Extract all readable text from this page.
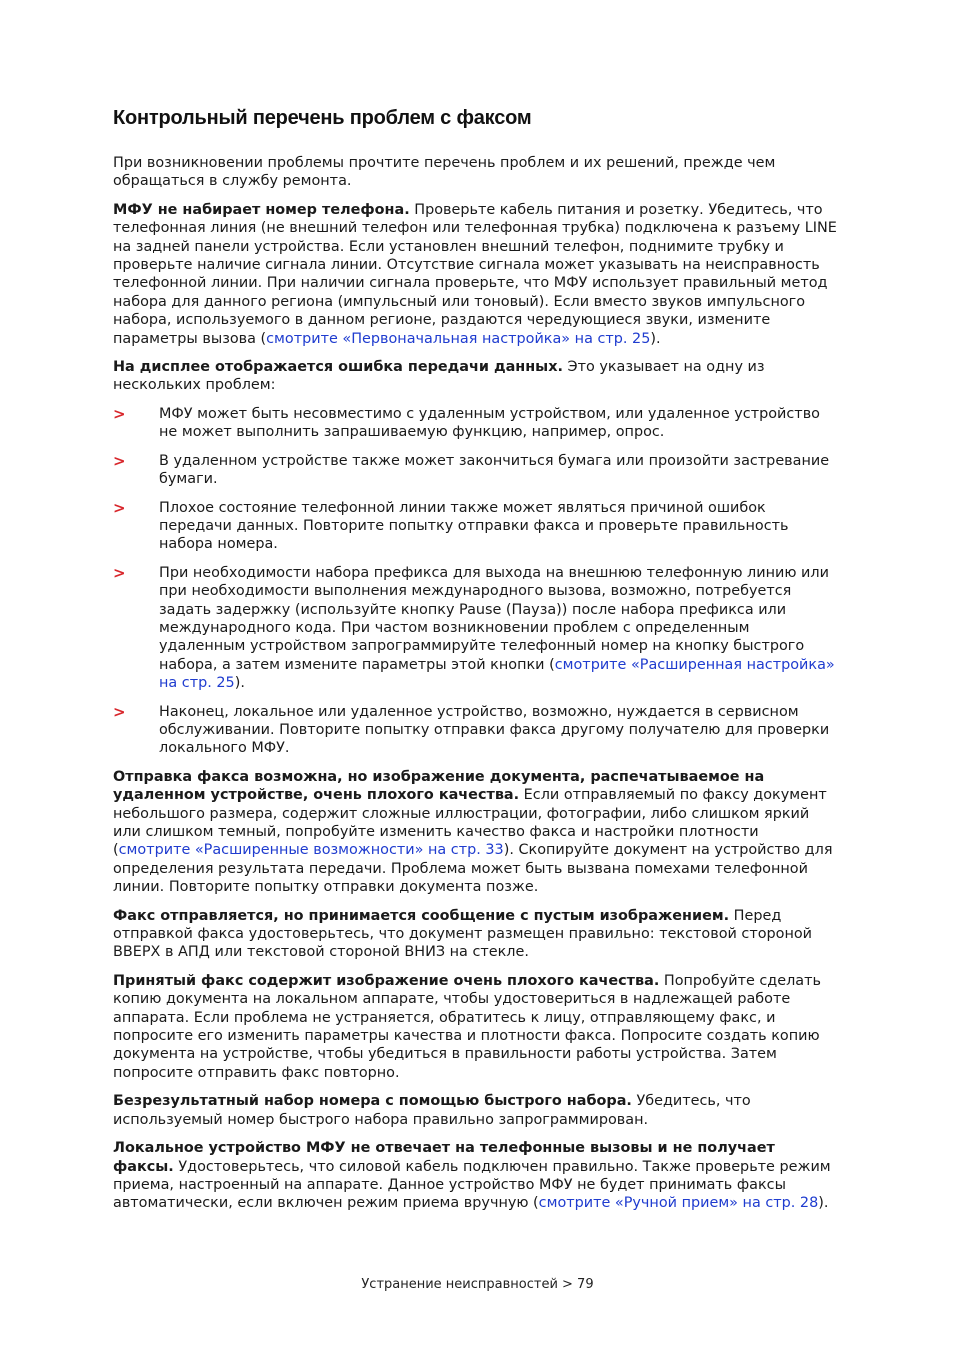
Контрольный перечень проблем с факсом

При возникновении проблемы прочтите перечень проблем и их решений, прежде чем обращаться в службу ремонта.

МФУ не набирает номер телефона. Проверьте кабель питания и розетку. Убедитесь, что телефонная линия (не внешний телефон или телефонная трубка) подключена к разъему LINE на задней панели устройства. Если установлен внешний телефон, поднимите трубку и проверьте наличие сигнала линии. Отсутствие сигнала может указывать на неисправность телефонной линии. При наличии сигнала проверьте, что МФУ использует правильный метод набора для данного региона (импульсный или тоновый). Если вместо звуков импульсного набора, используемого в данном регионе, раздаются чередующиеся звуки, измените параметры вызова (смотрите «Первоначальная настройка» на стр. 25).

На дисплее отображается ошибка передачи данных. Это указывает на одну из нескольких проблем:

> МФУ может быть несовместимо с удаленным устройством, или удаленное устройство не может выполнить запрашиваемую функцию, например, опрос.
> В удаленном устройстве также может закончиться бумага или произойти застревание бумаги.
> Плохое состояние телефонной линии также может являться причиной ошибок передачи данных. Повторите попытку отправки факса и проверьте правильность набора номера.
> При необходимости набора префикса для выхода на внешнюю телефонную линию или при необходимости выполнения международного вызова, возможно, потребуется задать задержку (используйте кнопку Pause (Пауза)) после набора префикса или международного кода. При частом возникновении проблем с определенным удаленным устройством запрограммируйте телефонный номер на кнопку быстрого набора, а затем измените параметры этой кнопки (смотрите «Расширенная настройка» на стр. 25).
> Наконец, локальное или удаленное устройство, возможно, нуждается в сервисном обслуживании. Повторите попытку отправки факса другому получателю для проверки локального МФУ.

Отправка факса возможна, но изображение документа, распечатываемое на удаленном устройстве, очень плохого качества. Если отправляемый по факсу документ небольшого размера, содержит сложные иллюстрации, фотографии, либо слишком яркий или слишком темный, попробуйте изменить качество факса и настройки плотности (смотрите «Расширенные возможности» на стр. 33). Скопируйте документ на устройство для определения результата передачи. Проблема может быть вызвана помехами телефонной линии. Повторите попытку отправки документа позже.

Факс отправляется, но принимается сообщение с пустым изображением. Перед отправкой факса удостоверьтесь, что документ размещен правильно: текстовой стороной ВВЕРХ в АПД или текстовой стороной ВНИЗ на стекле.

Принятый факс содержит изображение очень плохого качества. Попробуйте сделать копию документа на локальном аппарате, чтобы удостовериться в надлежащей работе аппарата. Если проблема не устраняется, обратитесь к лицу, отправляющему факс, и попросите его изменить параметры качества и плотности факса. Попросите создать копию документа на устройстве, чтобы убедиться в правильности работы устройства. Затем попросите отправить факс повторно.

Безрезультатный набор номера с помощью быстрого набора. Убедитесь, что используемый номер быстрого набора правильно запрограммирован.

Локальное устройство МФУ не отвечает на телефонные вызовы и не получает факсы. Удостоверьтесь, что силовой кабель подключен правильно. Также проверьте режим приема, настроенный на аппарате. Данное устройство МФУ не будет принимать факсы автоматически, если включен режим приема вручную (смотрите «Ручной прием» на стр. 28).

Устранение неисправностей > 79
